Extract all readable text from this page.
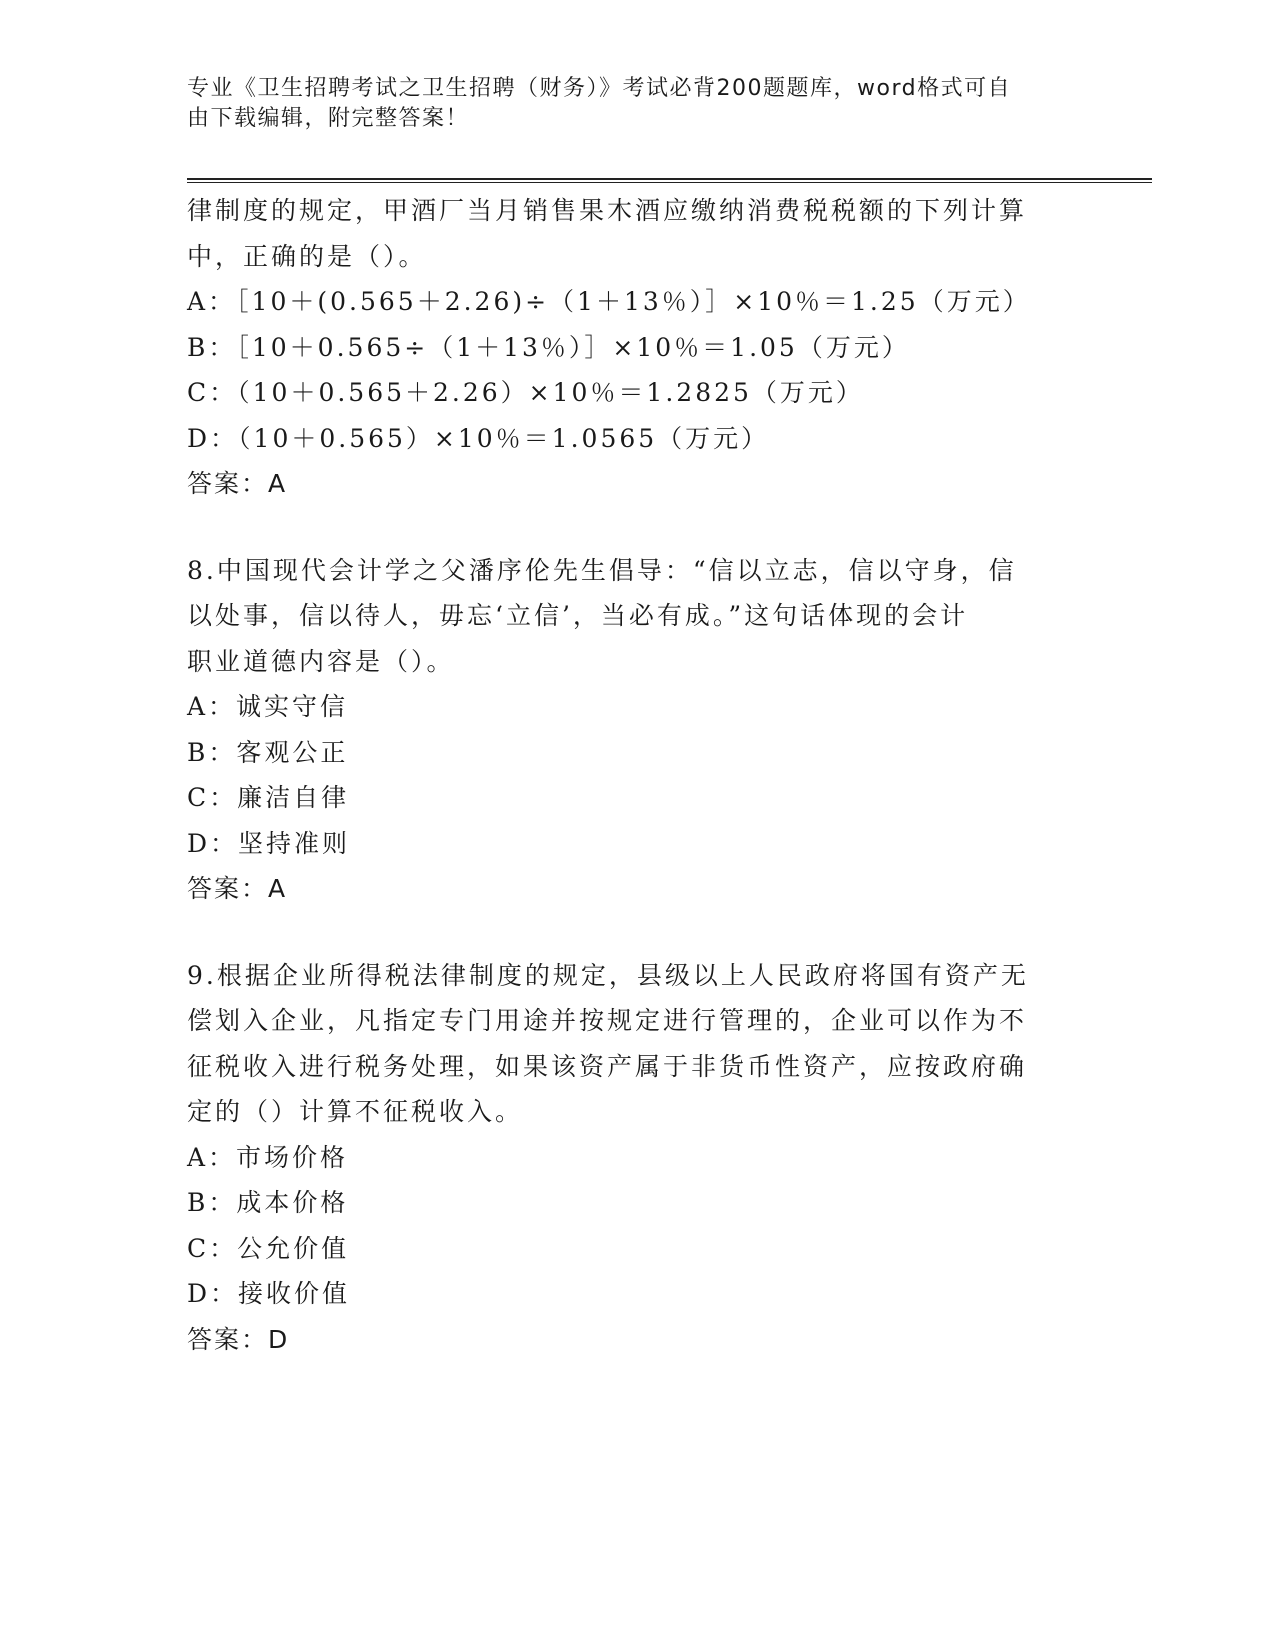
专业《卫生招聘考试之卫生招聘（财务）》考试必背200题题库，word格式可自
由下载编辑，附完整答案！
律制度的规定，甲酒厂当月销售果木酒应缴纳消费税税额的下列计算
中，正确的是（）。
A：［10＋(0.565＋2.26)÷（1＋13％）］×10％＝1.25（万元）
B：［10＋0.565÷（1＋13％）］×10％＝1.05（万元）
C：（10＋0.565＋2.26）×10％＝1.2825（万元）
D：（10＋0.565）×10％＝1.0565（万元）
答案：A
8.中国现代会计学之父潘序伦先生倡导：“信以立志，信以守身，信
以处事，信以待人，毋忘‘立信’，当必有成。”这句话体现的会计
职业道德内容是（）。
A：诚实守信
B：客观公正
C：廉洁自律
D：坚持准则
答案：A
9.根据企业所得税法律制度的规定，县级以上人民政府将国有资产无
偿划入企业，凡指定专门用途并按规定进行管理的，企业可以作为不
征税收入进行税务处理，如果该资产属于非货币性资产，应按政府确
定的（）计算不征税收入。
A：市场价格
B：成本价格
C：公允价值
D：接收价值
答案：D
